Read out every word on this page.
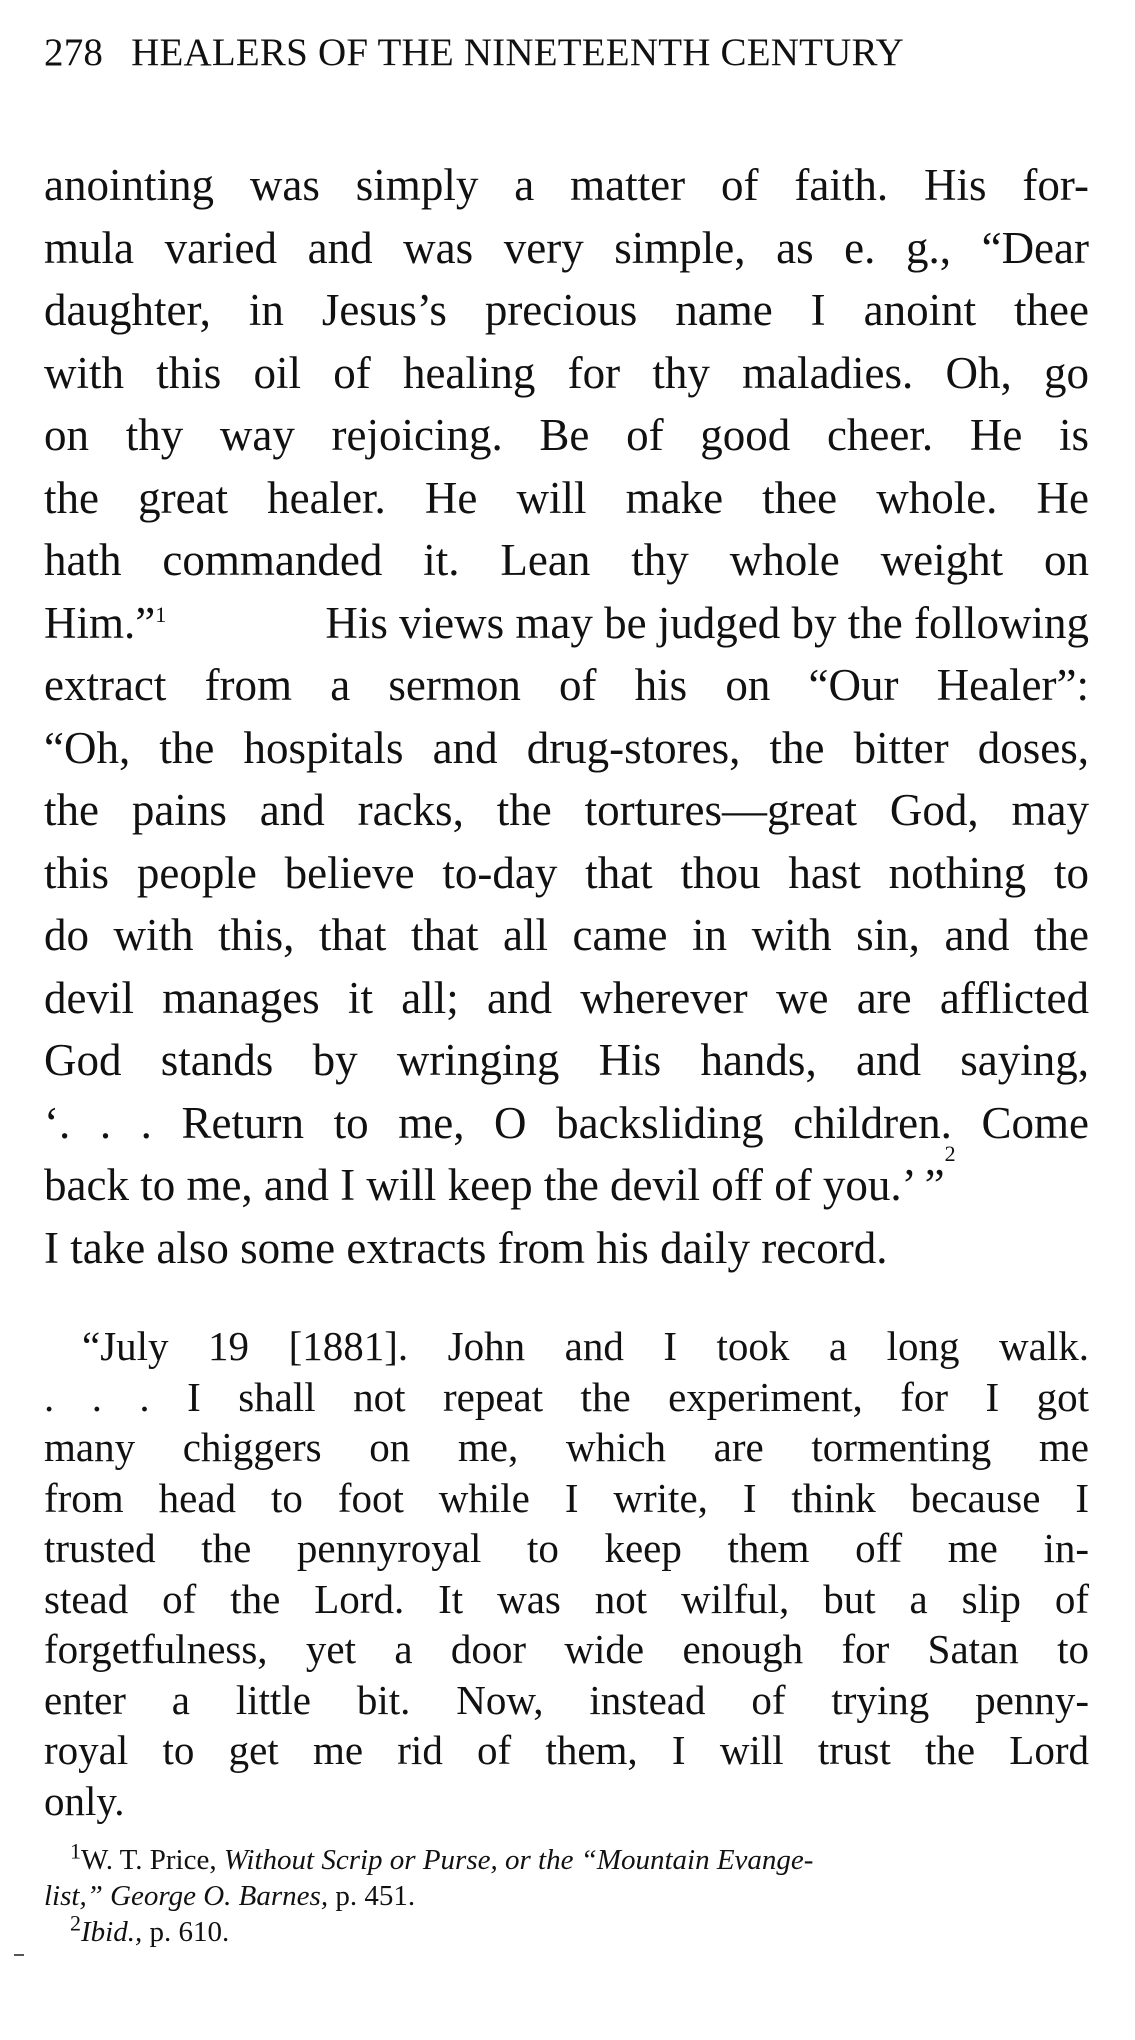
278 HEALERS OF THE NINETEENTH CENTURY
anointing was simply a matter of faith. His for-
mula varied and was very simple, as e. g., “Dear
daughter, in Jesus’s precious name I anoint thee
with this oil of healing for thy maladies. Oh, go
on thy way rejoicing. Be of good cheer. He is
the great healer. He will make thee whole. He
hath commanded it. Lean thy whole weight on
Him.”$^1$	His views may be judged by the following
extract from a sermon of his on “Our Healer”:
“Oh, the hospitals and drug-stores, the bitter doses,
the pains and racks, the tortures—great God, may
this people believe to-day that thou hast nothing to
do with this, that that all came in with sin, and the
devil manages it all; and wherever we are afflicted
God stands by wringing His hands, and saying,
‘. . . Return to me, O backsliding children. Come
back to me, and I will keep the devil off of you.’ ”
2
I take also some extracts from his daily record.
“July 19 [1881]. John and I took a long walk.
. . . I shall not repeat the experiment, for I got
many chiggers on me, which are tormenting me
from head to foot while I write, I think because I
trusted the pennyroyal to keep them off me in-
stead of the Lord. It was not wilful, but a slip of
forgetfulness, yet a door wide enough for Satan to
enter a little bit. Now, instead of trying penny-
royal to get me rid of them, I will trust the Lord
only.
$^1$W. T. Price, Without Scrip or Purse, or the “Mountain Evange-
list,” George O. Barnes, p. 451.
$^2$Ibid., p. 610.
